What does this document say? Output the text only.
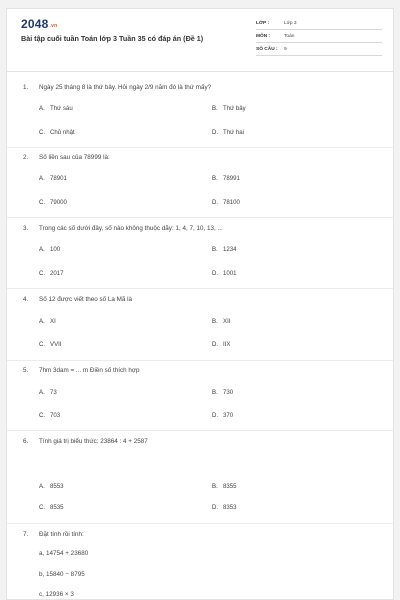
2048.vn
Bài tập cuối tuần Toán lớp 3 Tuần 35 có đáp án (Đề 1)
LỚP :	Lớp 3
MÔN :	Toán
SỐ CÂU :	9
1. Ngày 25 tháng 8 là thứ bảy. Hỏi ngày 2/9 năm đó là thứ mấy?
A. Thứ sáu	B. Thứ bảy
C. Chủ nhật	D. Thứ hai
2. Số liền sau của 78999 là:
A. 78901	B. 78991
C. 79000	D. 78100
3. Trong các số dưới đây, số nào không thuộc dãy: 1, 4, 7, 10, 13, ...
A. 100	B. 1234
C. 2017	D. 1001
4. Số 12 được viết theo số La Mã là
A. XI	B. XII
C. VVII	D. IIX
5. 7hm 3dam = ... m Điền số thích hợp
A. 73	B. 730
C. 703	D. 370
6. Tính giá trị biểu thức: 23864 : 4 + 2587
A. 8553	B. 8355
C. 8535	D. 8353
7. Đặt tính rồi tính:
a, 14754 + 23680
b, 15840 − 8795
c, 12936 × 3
